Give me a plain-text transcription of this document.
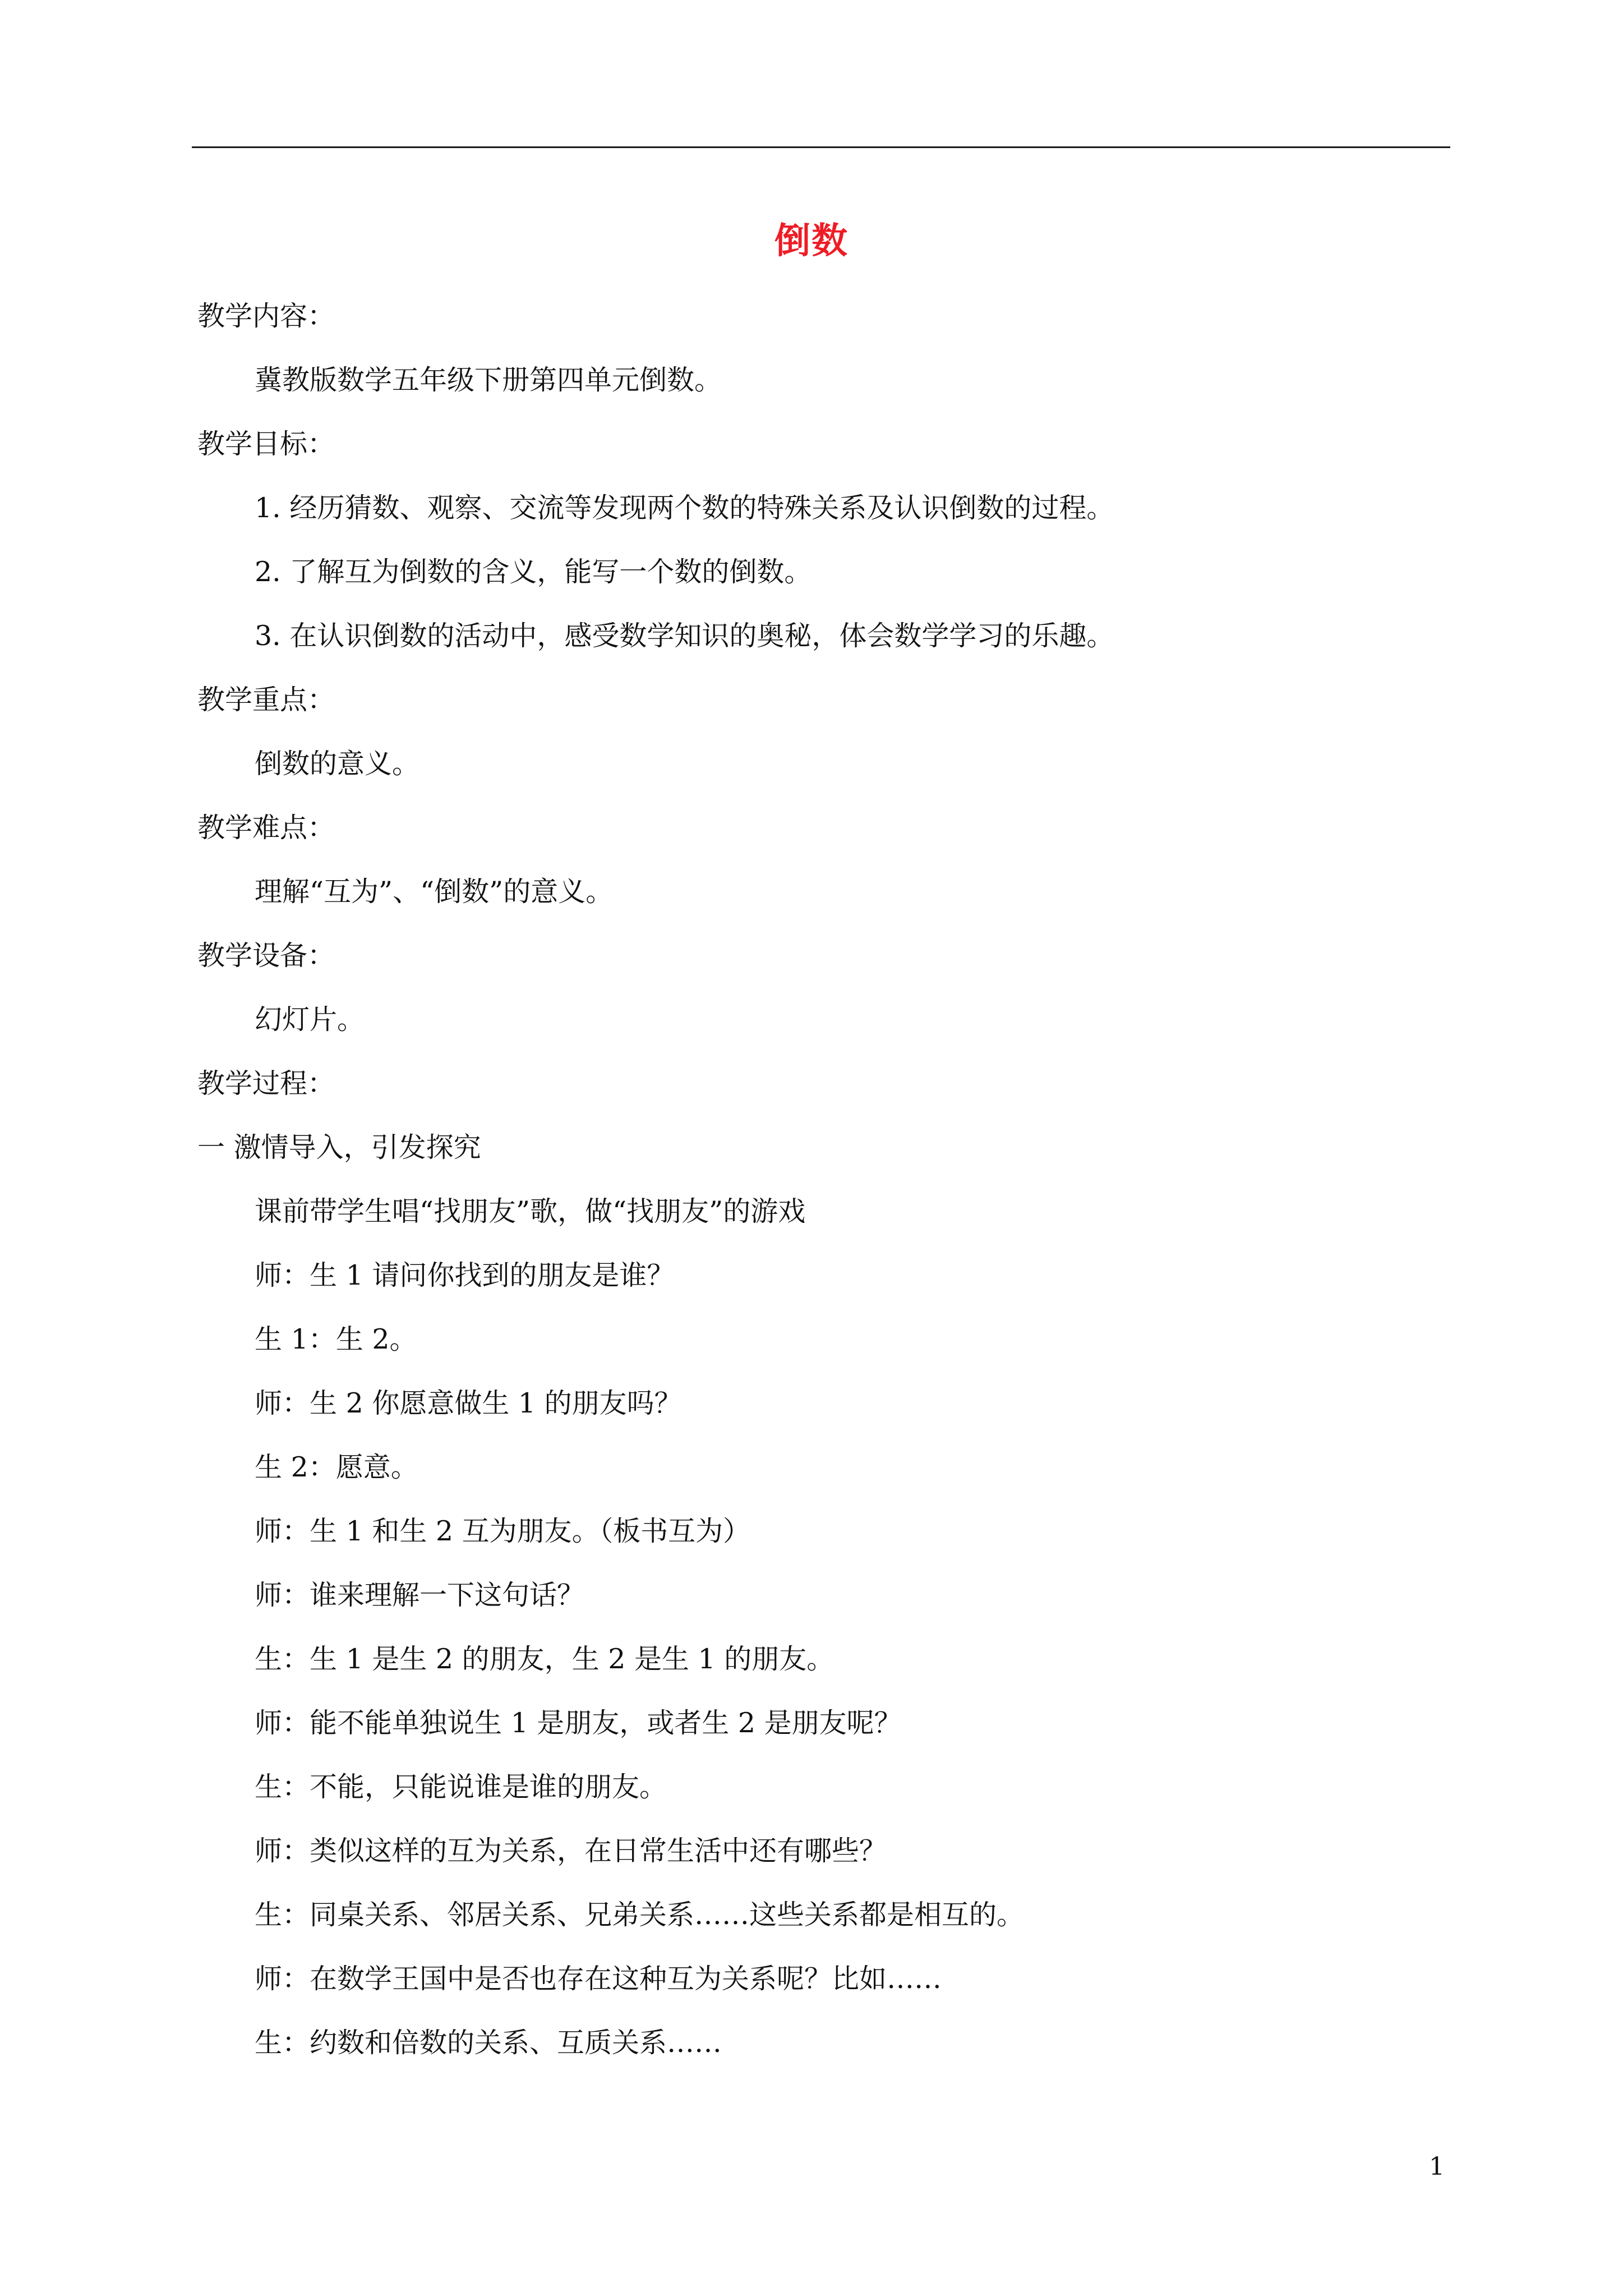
倒数
教学内容：
冀教版数学五年级下册第四单元倒数。
教学目标：
1. 经历猜数、观察、交流等发现两个数的特殊关系及认识倒数的过程。
2. 了解互为倒数的含义，能写一个数的倒数。
3. 在认识倒数的活动中，感受数学知识的奥秘，体会数学学习的乐趣。
教学重点：
倒数的意义。
教学难点：
理解“互为”、“倒数”的意义。
教学设备：
幻灯片。
教学过程：
一 激情导入，引发探究
课前带学生唱“找朋友”歌，做“找朋友”的游戏
师：生 1 请问你找到的朋友是谁？
生 1：生 2。
师：生 2 你愿意做生 1 的朋友吗？
生 2：愿意。
师：生 1 和生 2 互为朋友。（板书互为）
师：谁来理解一下这句话？
生：生 1 是生 2 的朋友，生 2 是生 1 的朋友。
师：能不能单独说生 1 是朋友，或者生 2 是朋友呢？
生：不能，只能说谁是谁的朋友。
师：类似这样的互为关系，在日常生活中还有哪些？
生：同桌关系、邻居关系、兄弟关系……这些关系都是相互的。
师：在数学王国中是否也存在这种互为关系呢？比如……
生：约数和倍数的关系、互质关系……
1
